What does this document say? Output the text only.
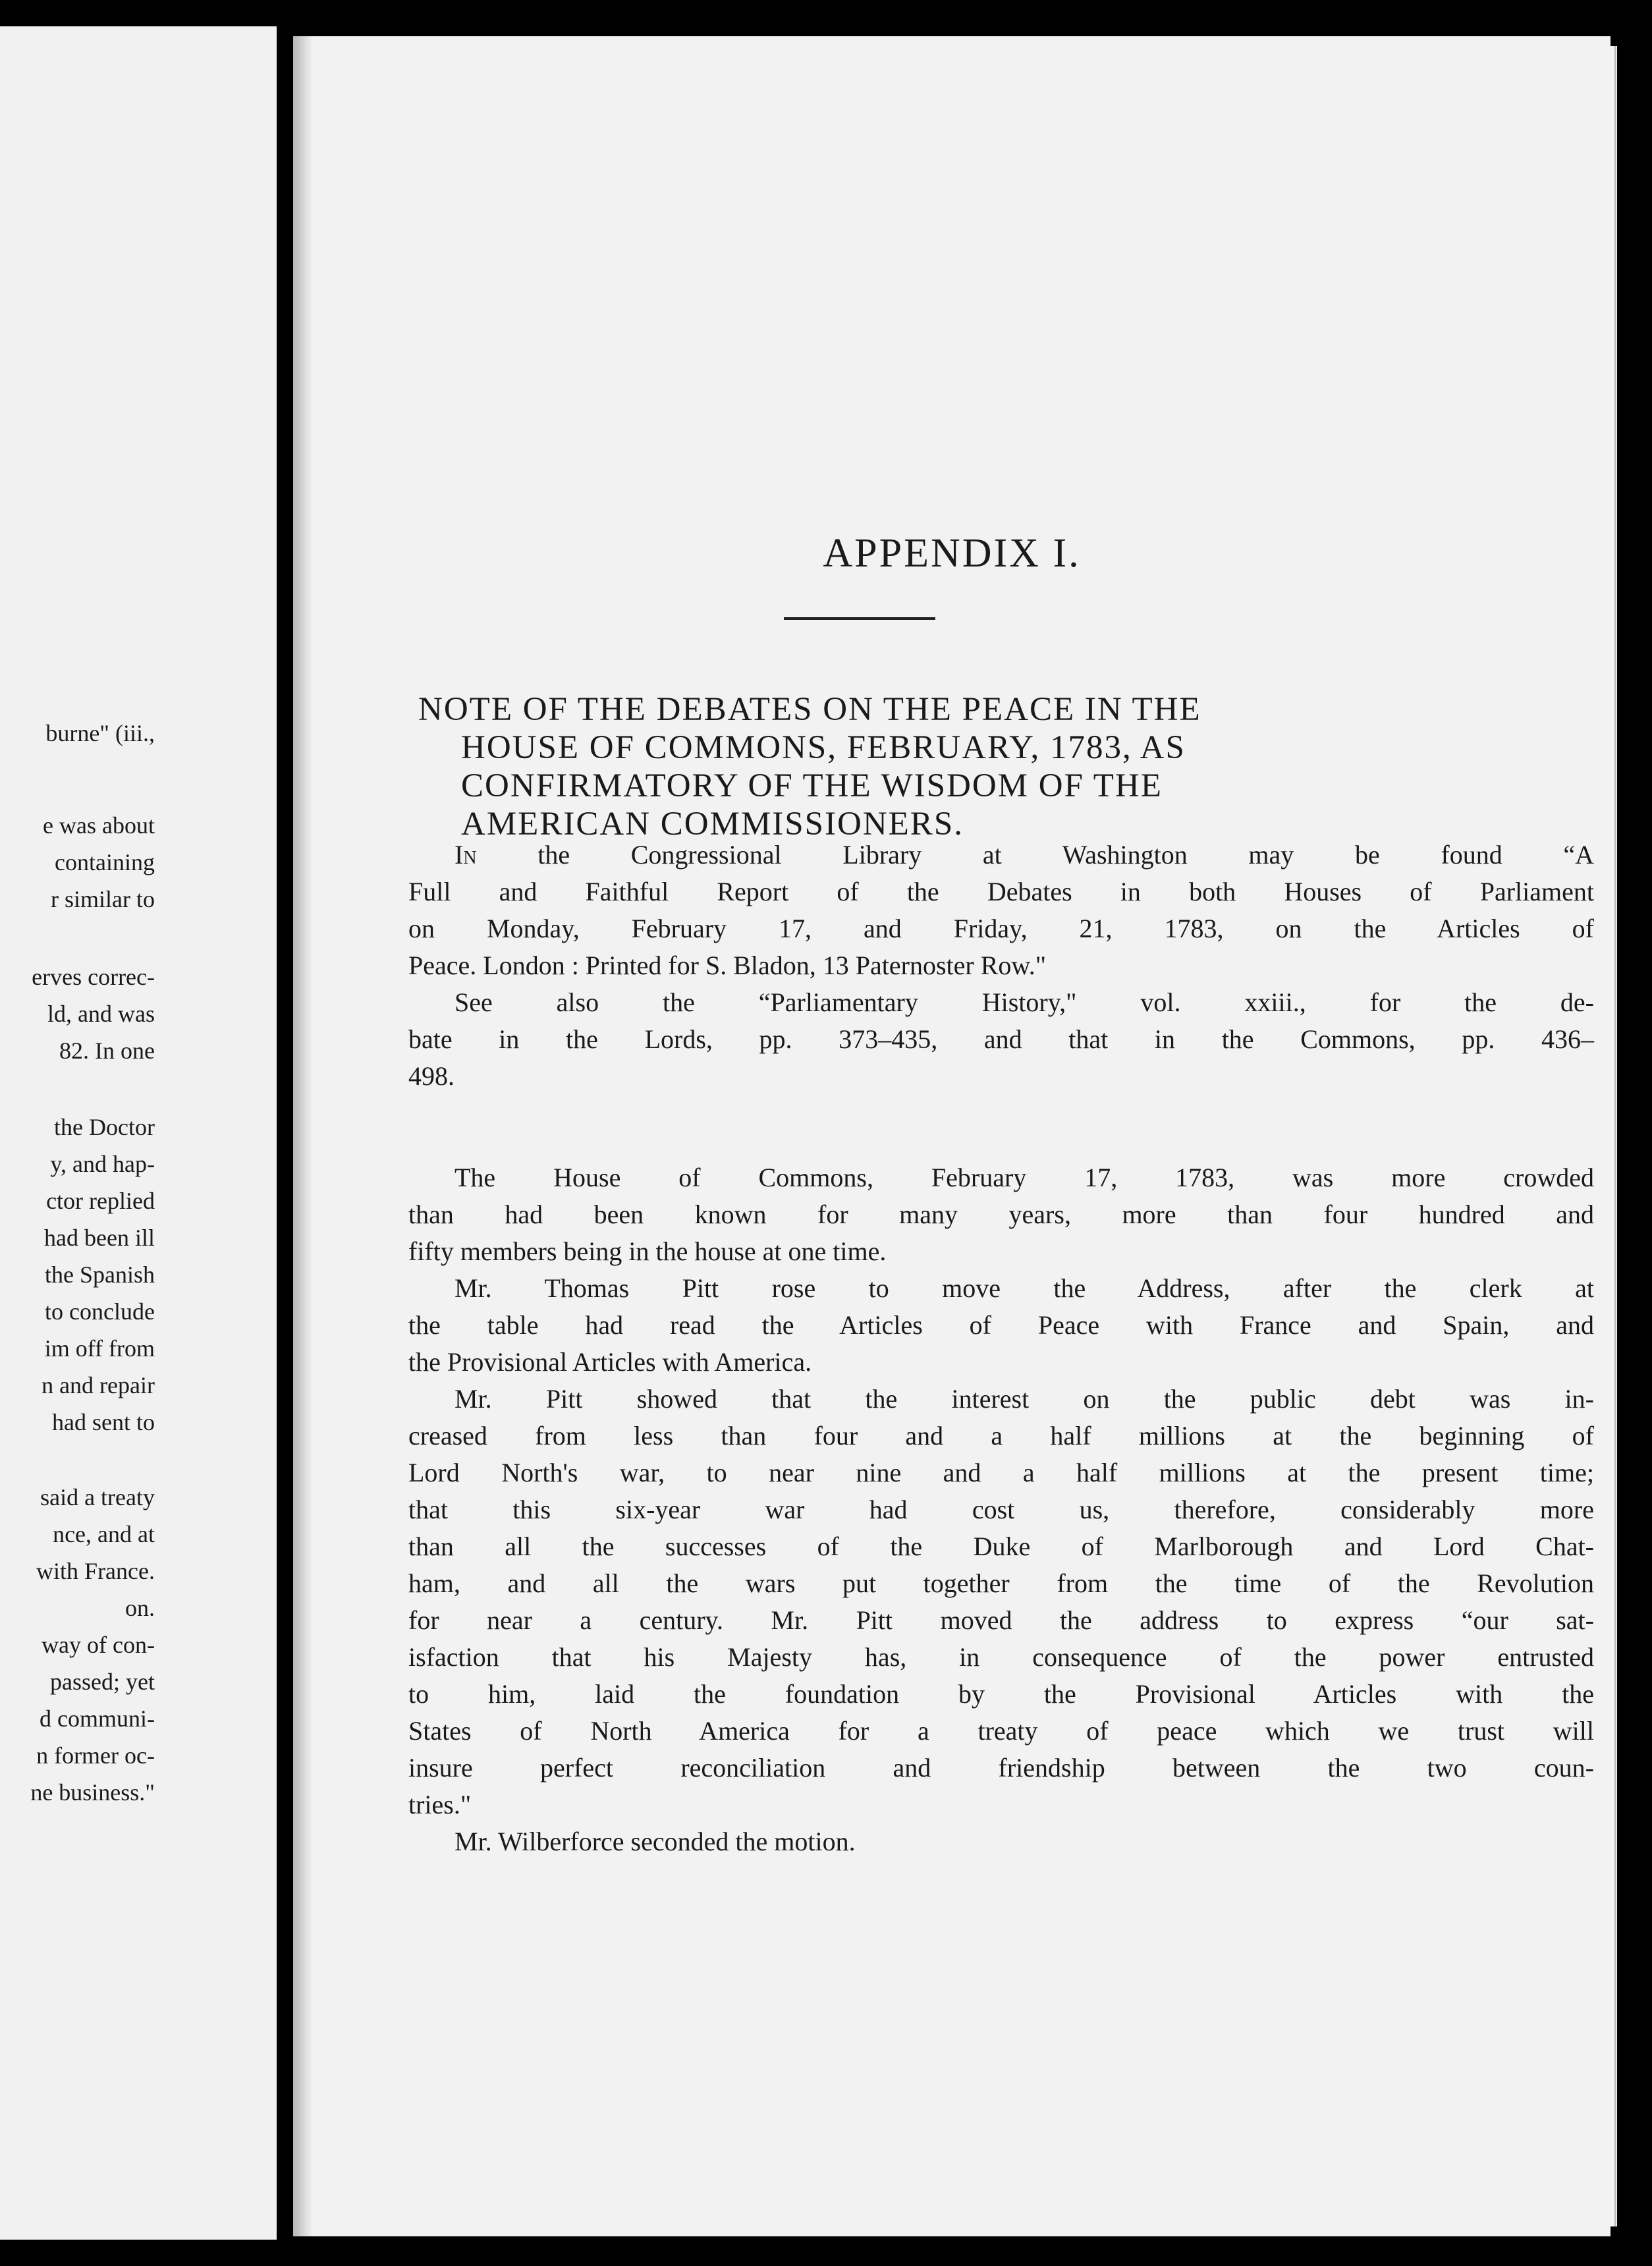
burne" (iii.,
e was about
containing
r similar to
erves correc-
ld, and was
82. In one
the Doctor
y, and hap-
ctor replied
had been ill
the Spanish
to conclude
im off from
n and repair
had sent to
said a treaty
nce, and at
with France.
on.
way of con-
passed; yet
d communi-
n former oc-
ne business."
APPENDIX I.
NOTE OF THE DEBATES ON THE PEACE IN THE
HOUSE OF COMMONS, FEBRUARY, 1783, AS
CONFIRMATORY OF THE WISDOM OF THE
AMERICAN COMMISSIONERS.

In the Congressional Library at Washington may be found “A
Full and Faithful Report of the Debates in both Houses of Parliament
on Monday, February 17, and Friday, 21, 1783, on the Articles of
Peace. London : Printed for S. Bladon, 13 Paternoster Row."

See also the “Parliamentary History," vol. xxiii., for the de-
bate in the Lords, pp. 373–435, and that in the Commons, pp. 436–
498.

The House of Commons, February 17, 1783, was more crowded
than had been known for many years, more than four hundred and
fifty members being in the house at one time.

Mr. Thomas Pitt rose to move the Address, after the clerk at
the table had read the Articles of Peace with France and Spain, and
the Provisional Articles with America.

Mr. Pitt showed that the interest on the public debt was in-
creased from less than four and a half millions at the beginning of
Lord North's war, to near nine and a half millions at the present time;
that this six-year war had cost us, therefore, considerably more
than all the successes of the Duke of Marlborough and Lord Chat-
ham, and all the wars put together from the time of the Revolution
for near a century. Mr. Pitt moved the address to express “our sat-
isfaction that his Majesty has, in consequence of the power entrusted
to him, laid the foundation by the Provisional Articles with the
States of North America for a treaty of peace which we trust will
insure perfect reconciliation and friendship between the two coun-
tries."

Mr. Wilberforce seconded the motion.
